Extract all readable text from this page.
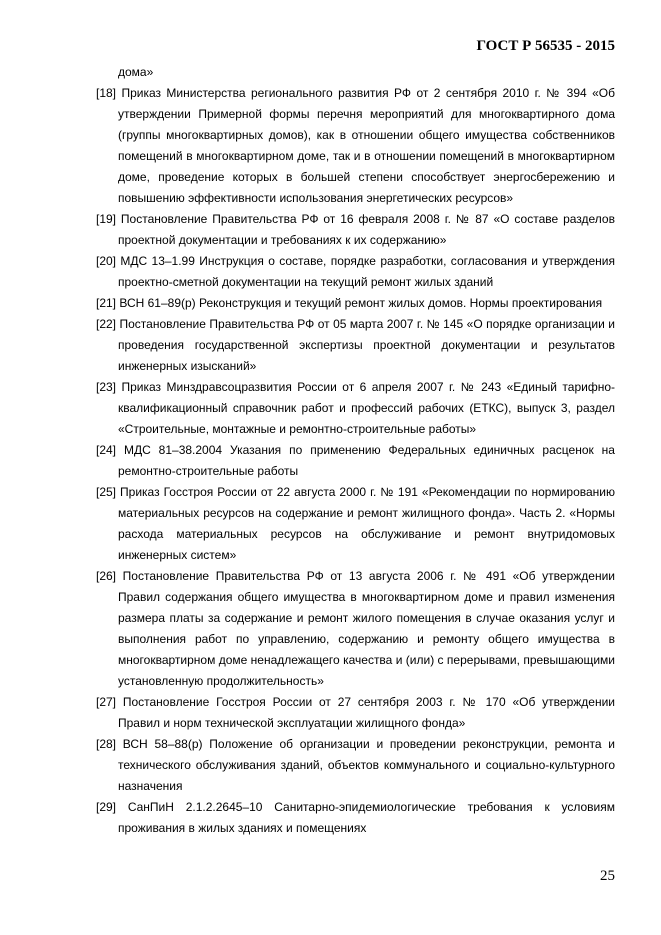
ГОСТ Р 56535 - 2015
дома»

[18] Приказ Министерства регионального развития РФ от 2 сентября 2010 г. № 394 «Об утверждении Примерной формы перечня мероприятий для многоквартирного дома (группы многоквартирных домов), как в отношении общего имущества собственников помещений в многоквартирном доме, так и в отношении помещений в многоквартирном доме, проведение которых в большей степени способствует энергосбережению и повышению эффективности использования энергетических ресурсов»

[19] Постановление Правительства РФ от 16 февраля 2008 г. № 87 «О составе разделов проектной документации и требованиях к их содержанию»

[20] МДС 13–1.99 Инструкция о составе, порядке разработки, согласования и утверждения проектно-сметной документации на текущий ремонт жилых зданий

[21] ВСН 61–89(р) Реконструкция и текущий ремонт жилых домов. Нормы проектирования

[22] Постановление Правительства РФ от 05 марта 2007 г. № 145 «О порядке организации и проведения государственной экспертизы проектной документации и результатов инженерных изысканий»

[23] Приказ Минздравсоцразвития России от 6 апреля 2007 г. № 243 «Единый тарифно-квалификационный справочник работ и профессий рабочих (ЕТКС), выпуск 3, раздел «Строительные, монтажные и ремонтно-строительные работы»

[24] МДС 81–38.2004 Указания по применению Федеральных единичных расценок на ремонтно-строительные работы

[25] Приказ Госстроя России от 22 августа 2000 г. № 191 «Рекомендации по нормированию материальных ресурсов на содержание и ремонт жилищного фонда». Часть 2. «Нормы расхода материальных ресурсов на обслуживание и ремонт внутридомовых инженерных систем»

[26] Постановление Правительства РФ от 13 августа 2006 г. № 491 «Об утверждении Правил содержания общего имущества в многоквартирном доме и правил изменения размера платы за содержание и ремонт жилого помещения в случае оказания услуг и выполнения работ по управлению, содержанию и ремонту общего имущества в многоквартирном доме ненадлежащего качества и (или) с перерывами, превышающими установленную продолжительность»

[27] Постановление Госстроя России от 27 сентября 2003 г. № 170 «Об утверждении Правил и норм технической эксплуатации жилищного фонда»

[28] ВСН 58–88(р) Положение об организации и проведении реконструкции, ремонта и технического обслуживания зданий, объектов коммунального и социально-культурного назначения

[29] СанПиН 2.1.2.2645–10 Санитарно-эпидемиологические требования к условиям проживания в жилых зданиях и помещениях

25
